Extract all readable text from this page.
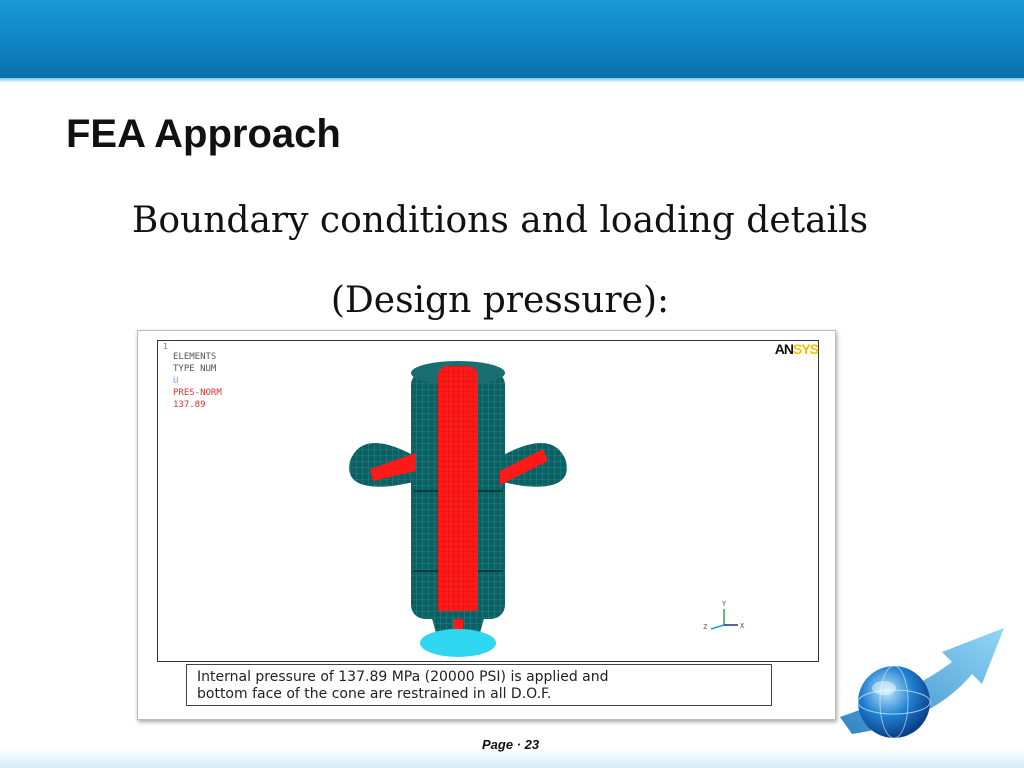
FEA Approach

Boundary conditions and loading details

(Design pressure):

1
ELEMENTS
TYPE NUM
U
PRES-NORM
137.89
ANSYS
Y
X
Z
Internal pressure of 137.89 MPa (20000 PSI) is applied and
bottom face of the cone are restrained in all D.O.F.
Page · 23
